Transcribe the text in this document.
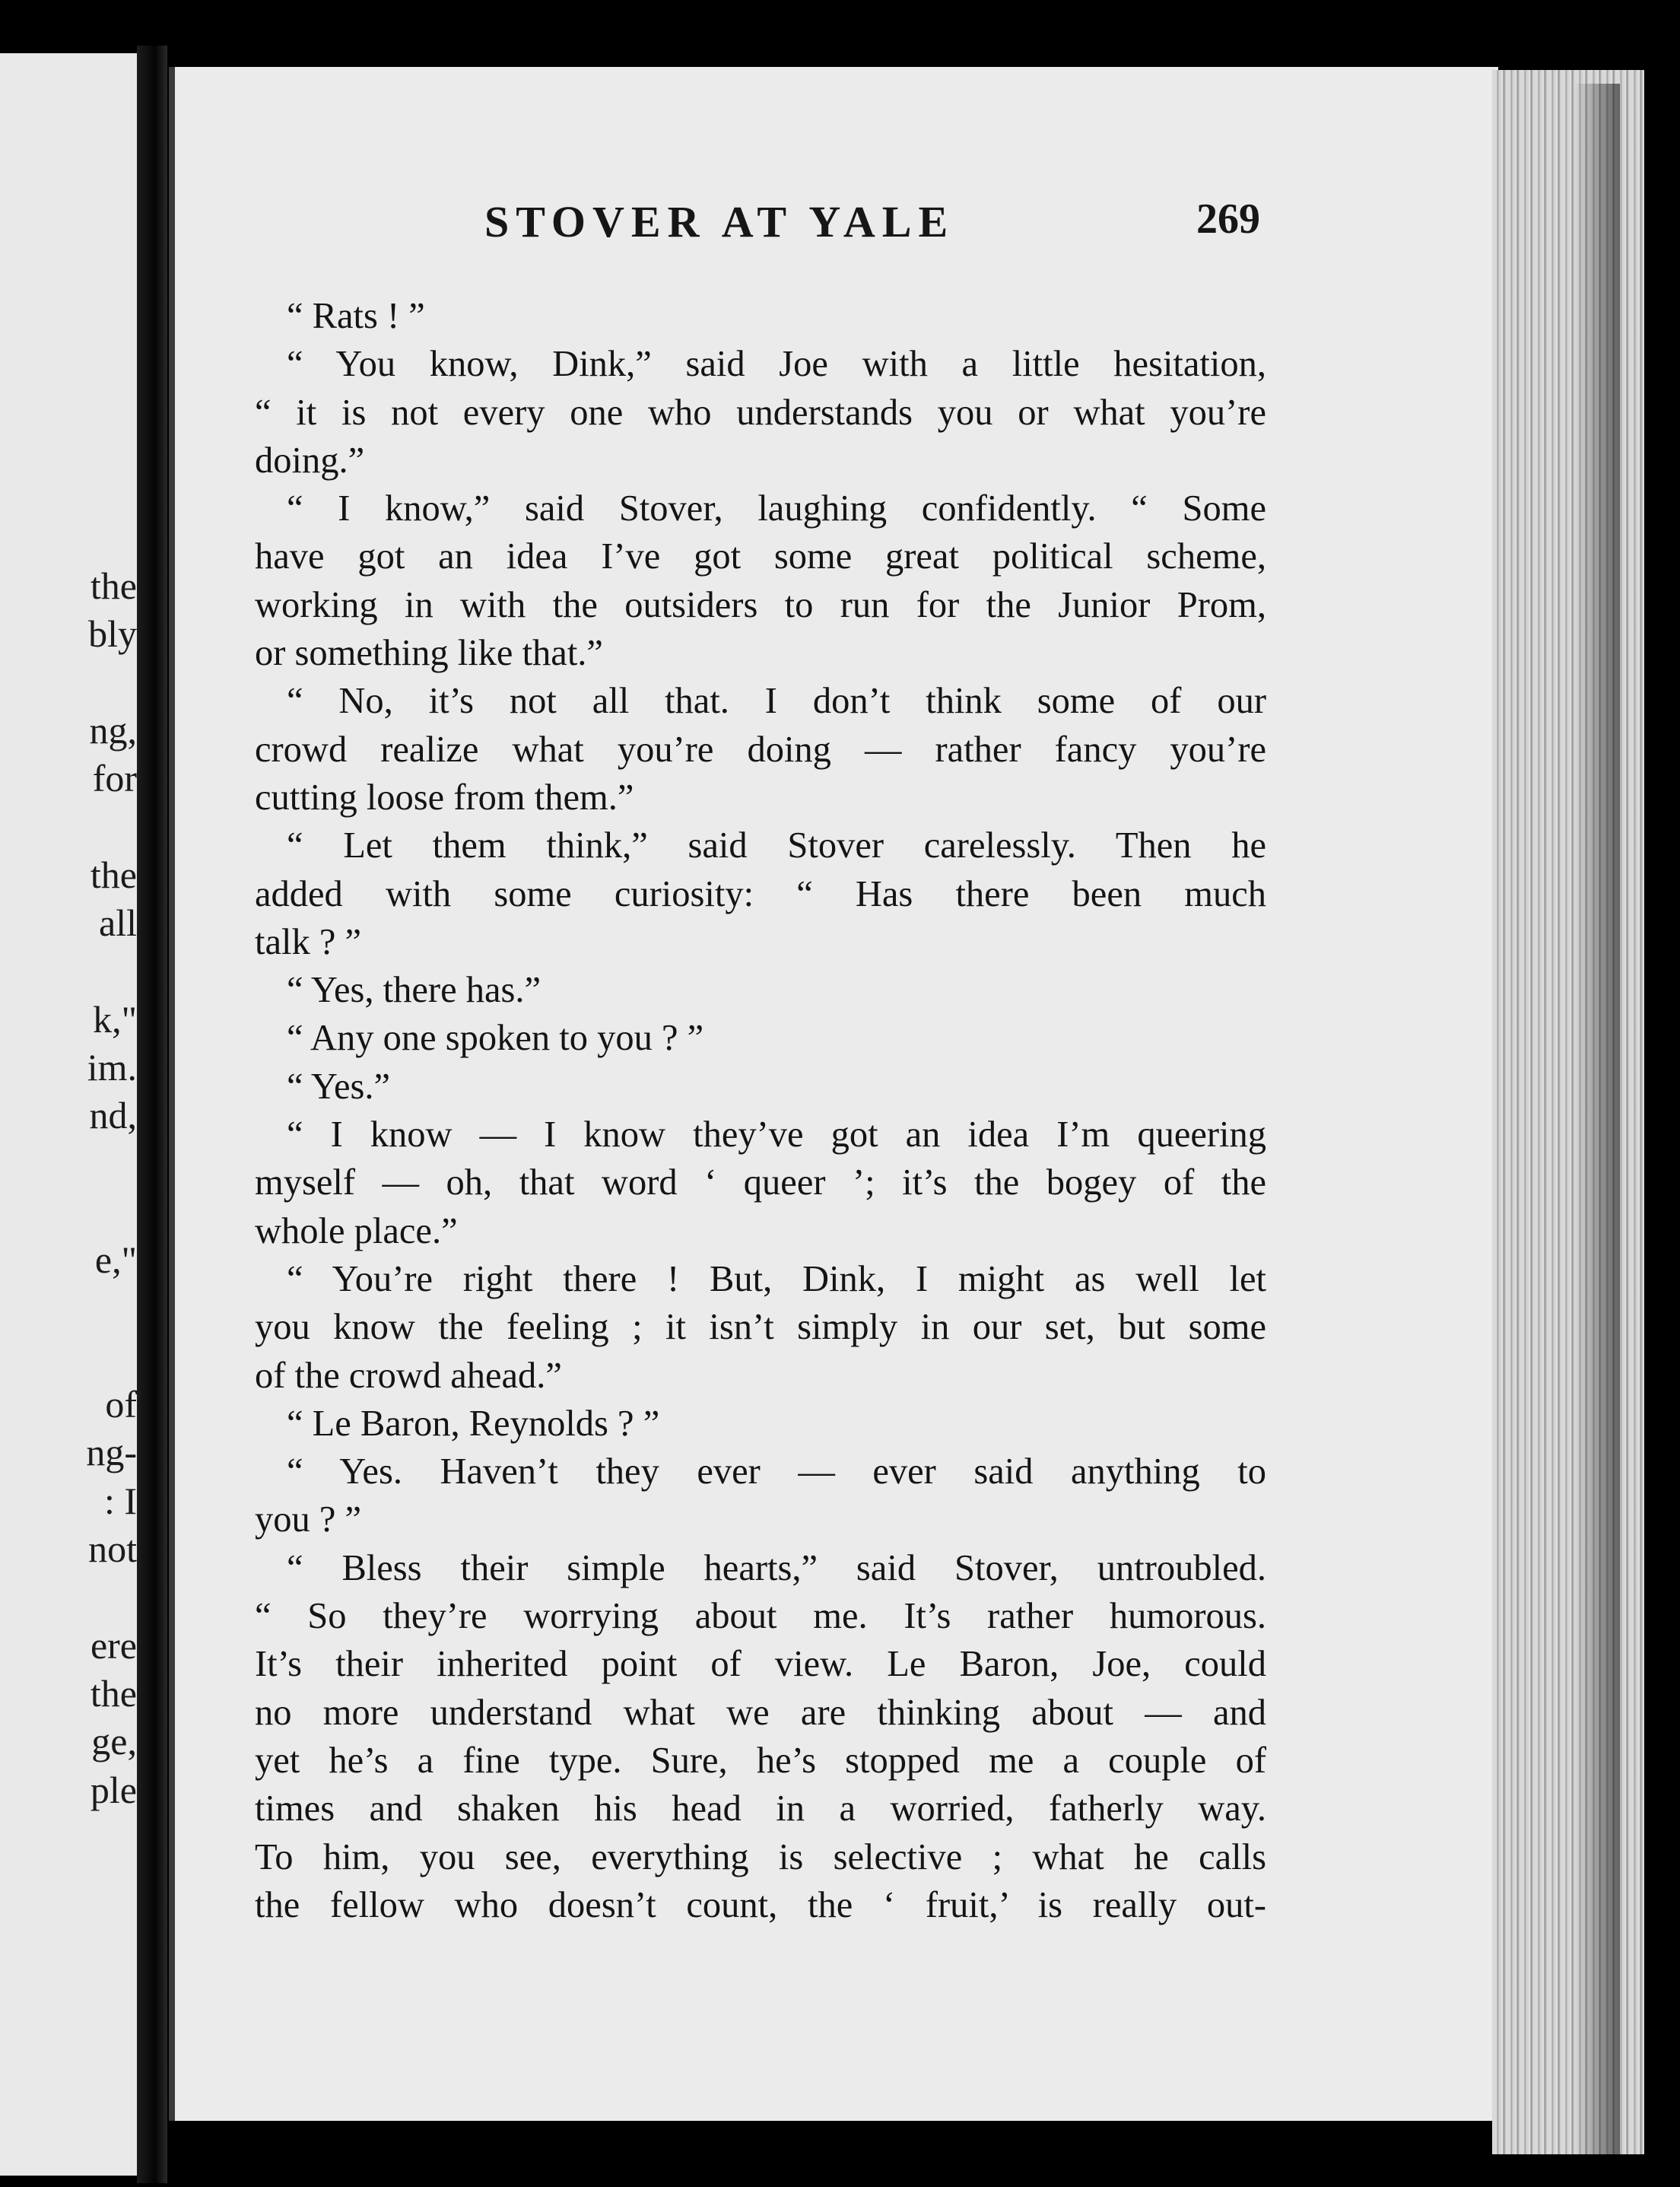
the
bly
ng,
for
the
all
k,"
im.
nd,
e,"
of
ng-
: I
not
ere
the
ge,
ple
STOVER AT YALE	269
“ Rats ! ”
“ You know, Dink,” said Joe with a little hesitation,
“ it is not every one who understands you or what you’re
doing.”
“ I know,” said Stover, laughing confidently. “ Some
have got an idea I’ve got some great political scheme,
working in with the outsiders to run for the Junior Prom,
or something like that.”
“ No, it’s not all that. I don’t think some of our
crowd realize what you’re doing — rather fancy you’re
cutting loose from them.”
“ Let them think,” said Stover carelessly. Then he
added with some curiosity: “ Has there been much
talk ? ”
“ Yes, there has.”
“ Any one spoken to you ? ”
“ Yes.”
“ I know — I know they’ve got an idea I’m queering
myself — oh, that word ‘ queer ’; it’s the bogey of the
whole place.”
“ You’re right there ! But, Dink, I might as well let
you know the feeling ; it isn’t simply in our set, but some
of the crowd ahead.”
“ Le Baron, Reynolds ? ”
“ Yes. Haven’t they ever — ever said anything to
you ? ”
“ Bless their simple hearts,” said Stover, untroubled.
“ So they’re worrying about me. It’s rather humorous.
It’s their inherited point of view. Le Baron, Joe, could
no more understand what we are thinking about — and
yet he’s a fine type. Sure, he’s stopped me a couple of
times and shaken his head in a worried, fatherly way.
To him, you see, everything is selective ; what he calls
the fellow who doesn’t count, the ‘ fruit,’ is really out-
